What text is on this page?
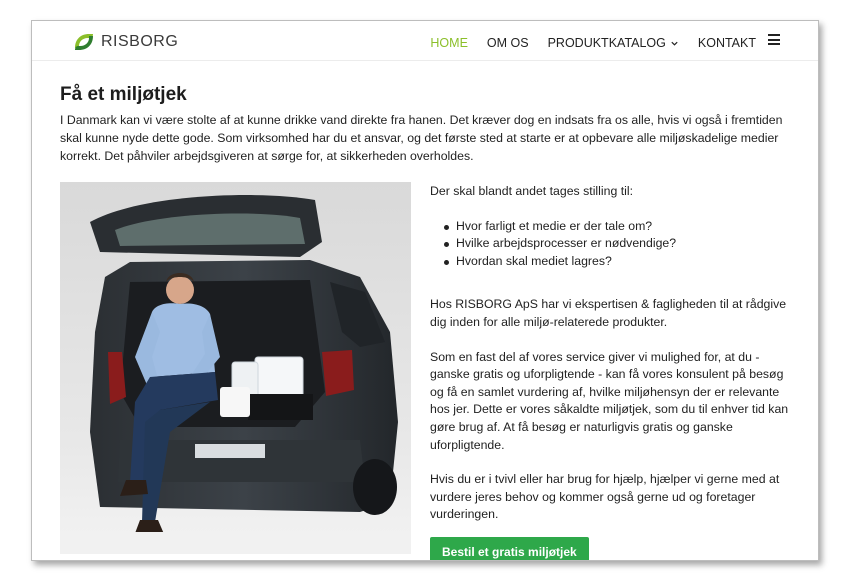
RISBORG	HOME OM OS PRODUKTKATALOG	KONTAKT
Få et miljøtjek

I Danmark kan vi være stolte af at kunne drikke vand direkte fra hanen. Det kræver dog en indsats fra os alle, hvis vi også i fremtiden skal kunne nyde dette gode. Som virksomhed har du et ansvar, og det første sted at starte er at opbevare alle miljøskadelige medier korrekt. Det påhviler arbejdsgiveren at sørge for, at sikkerheden overholdes.

Der skal blandt andet tages stilling til:

Hvor farligt et medie er der tale om?
Hvilke arbejdsprocesser er nødvendige?
Hvordan skal mediet lagres?

Hos RISBORG ApS har vi ekspertisen & fagligheden til at rådgive dig inden for alle miljø-relaterede produkter.

Som en fast del af vores service giver vi mulighed for, at du - ganske gratis og uforpligtende - kan få vores konsulent på besøg og få en samlet vurdering af, hvilke miljøhensyn der er relevante hos jer. Dette er vores såkaldte miljøtjek, som du til enhver tid kan gøre brug af. At få besøg er naturligvis gratis og ganske uforpligtende.

Hvis du er i tvivl eller har brug for hjælp, hjælper vi gerne med at vurdere jeres behov og kommer også gerne ud og foretager vurderingen.

Bestil et gratis miljøtjek
